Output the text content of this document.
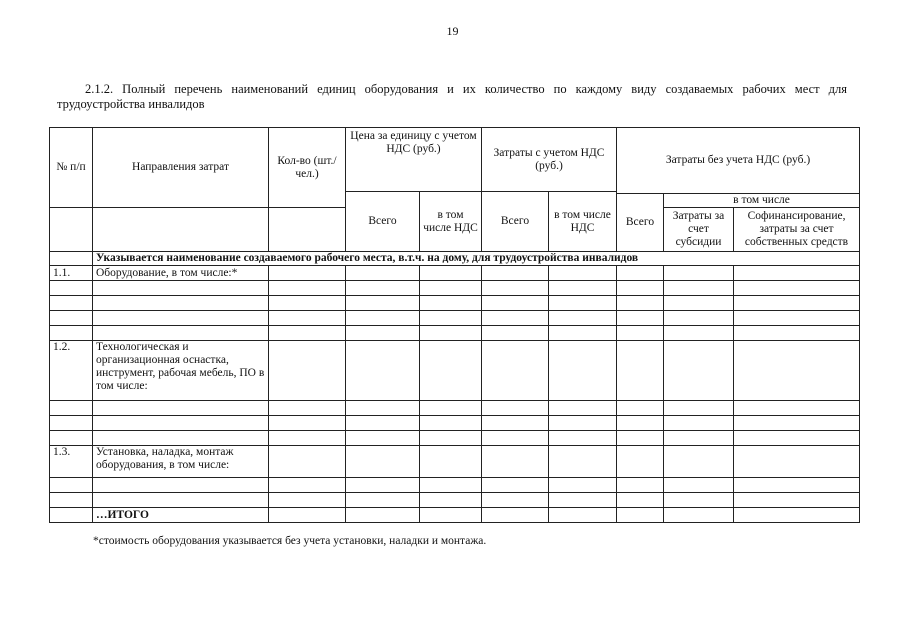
19
2.1.2. Полный перечень наименований единиц оборудования и их количество по каждому виду создаваемых рабочих мест для трудоустройства инвалидов
№ п/п	Направления затрат	Кол-во (шт./чел.)	Цена за единицу с учетом НДС (руб.)		Затраты с учетом НДС (руб.)		Затраты без учета НДС (руб.)		
			Всего	в том числе НДС	Всего	в том числе НДС			
							Всего	в том числе	
								Затраты за счет субсидии	Софинансирование, затраты за счет собственных средств
	Указывается наименование создаваемого рабочего места, в.т.ч. на дому, для трудоустройства инвалидов								
1.1.	Оборудование, в том числе:*								

1.2.	Технологическая и организационная оснастка, инструмент, рабочая мебель, ПО в том числе:								

1.3.	Установка, наладка, монтаж оборудования, в том числе:								

	…ИТОГО								
*стоимость оборудования указывается без учета установки, наладки и монтажа.
